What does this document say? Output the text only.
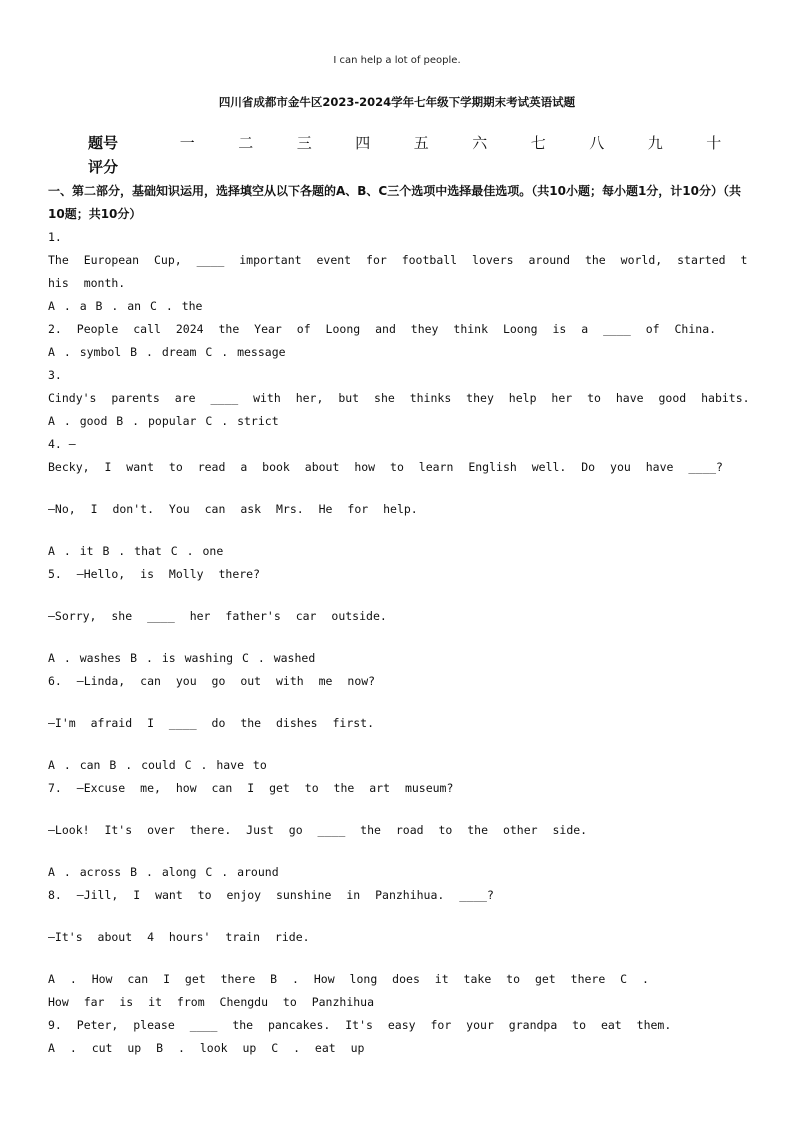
I can help a lot of people.
四川省成都市金牛区2023-2024学年七年级下学期期末考试英语试题
题号	一	二	三	四	五	六	七	八	九	十
评分
一、第二部分，基础知识运用，选择填空从以下各题的A、B、C三个选项中选择最佳选项。（共10小题；每小题1分，计10分）（共10题；共10分）
1.
The European Cup, ____ important event for football lovers around the world, started t
his month.
A . a B . an C . the
2. People call 2024 the Year of Loong and they think Loong is a ____ of China.
A . symbol B . dream C . message
3.
Cindy's parents are ____ with her, but she thinks they help her to have good habits.
A . good B . popular C . strict
4. —
Becky, I want to read a book about how to learn English well. Do you have ____?
—No, I don't. You can ask Mrs. He for help.
A . it B . that C . one
5. —Hello, is Molly there?
—Sorry, she ____ her father's car outside.
A . washes B . is washing C . washed
6. —Linda, can you go out with me now?
—I'm afraid I ____ do the dishes first.
A . can B . could C . have to
7. —Excuse me, how can I get to the art museum?
—Look! It's over there. Just go ____ the road to the other side.
A . across B . along C . around
8. —Jill, I want to enjoy sunshine in Panzhihua. ____?
—It's about 4 hours' train ride.
A . How can I get there B . How long does it take to get there C .
How far is it from Chengdu to Panzhihua
9. Peter, please ____ the pancakes. It's easy for your grandpa to eat them.
A . cut up B . look up C . eat up
